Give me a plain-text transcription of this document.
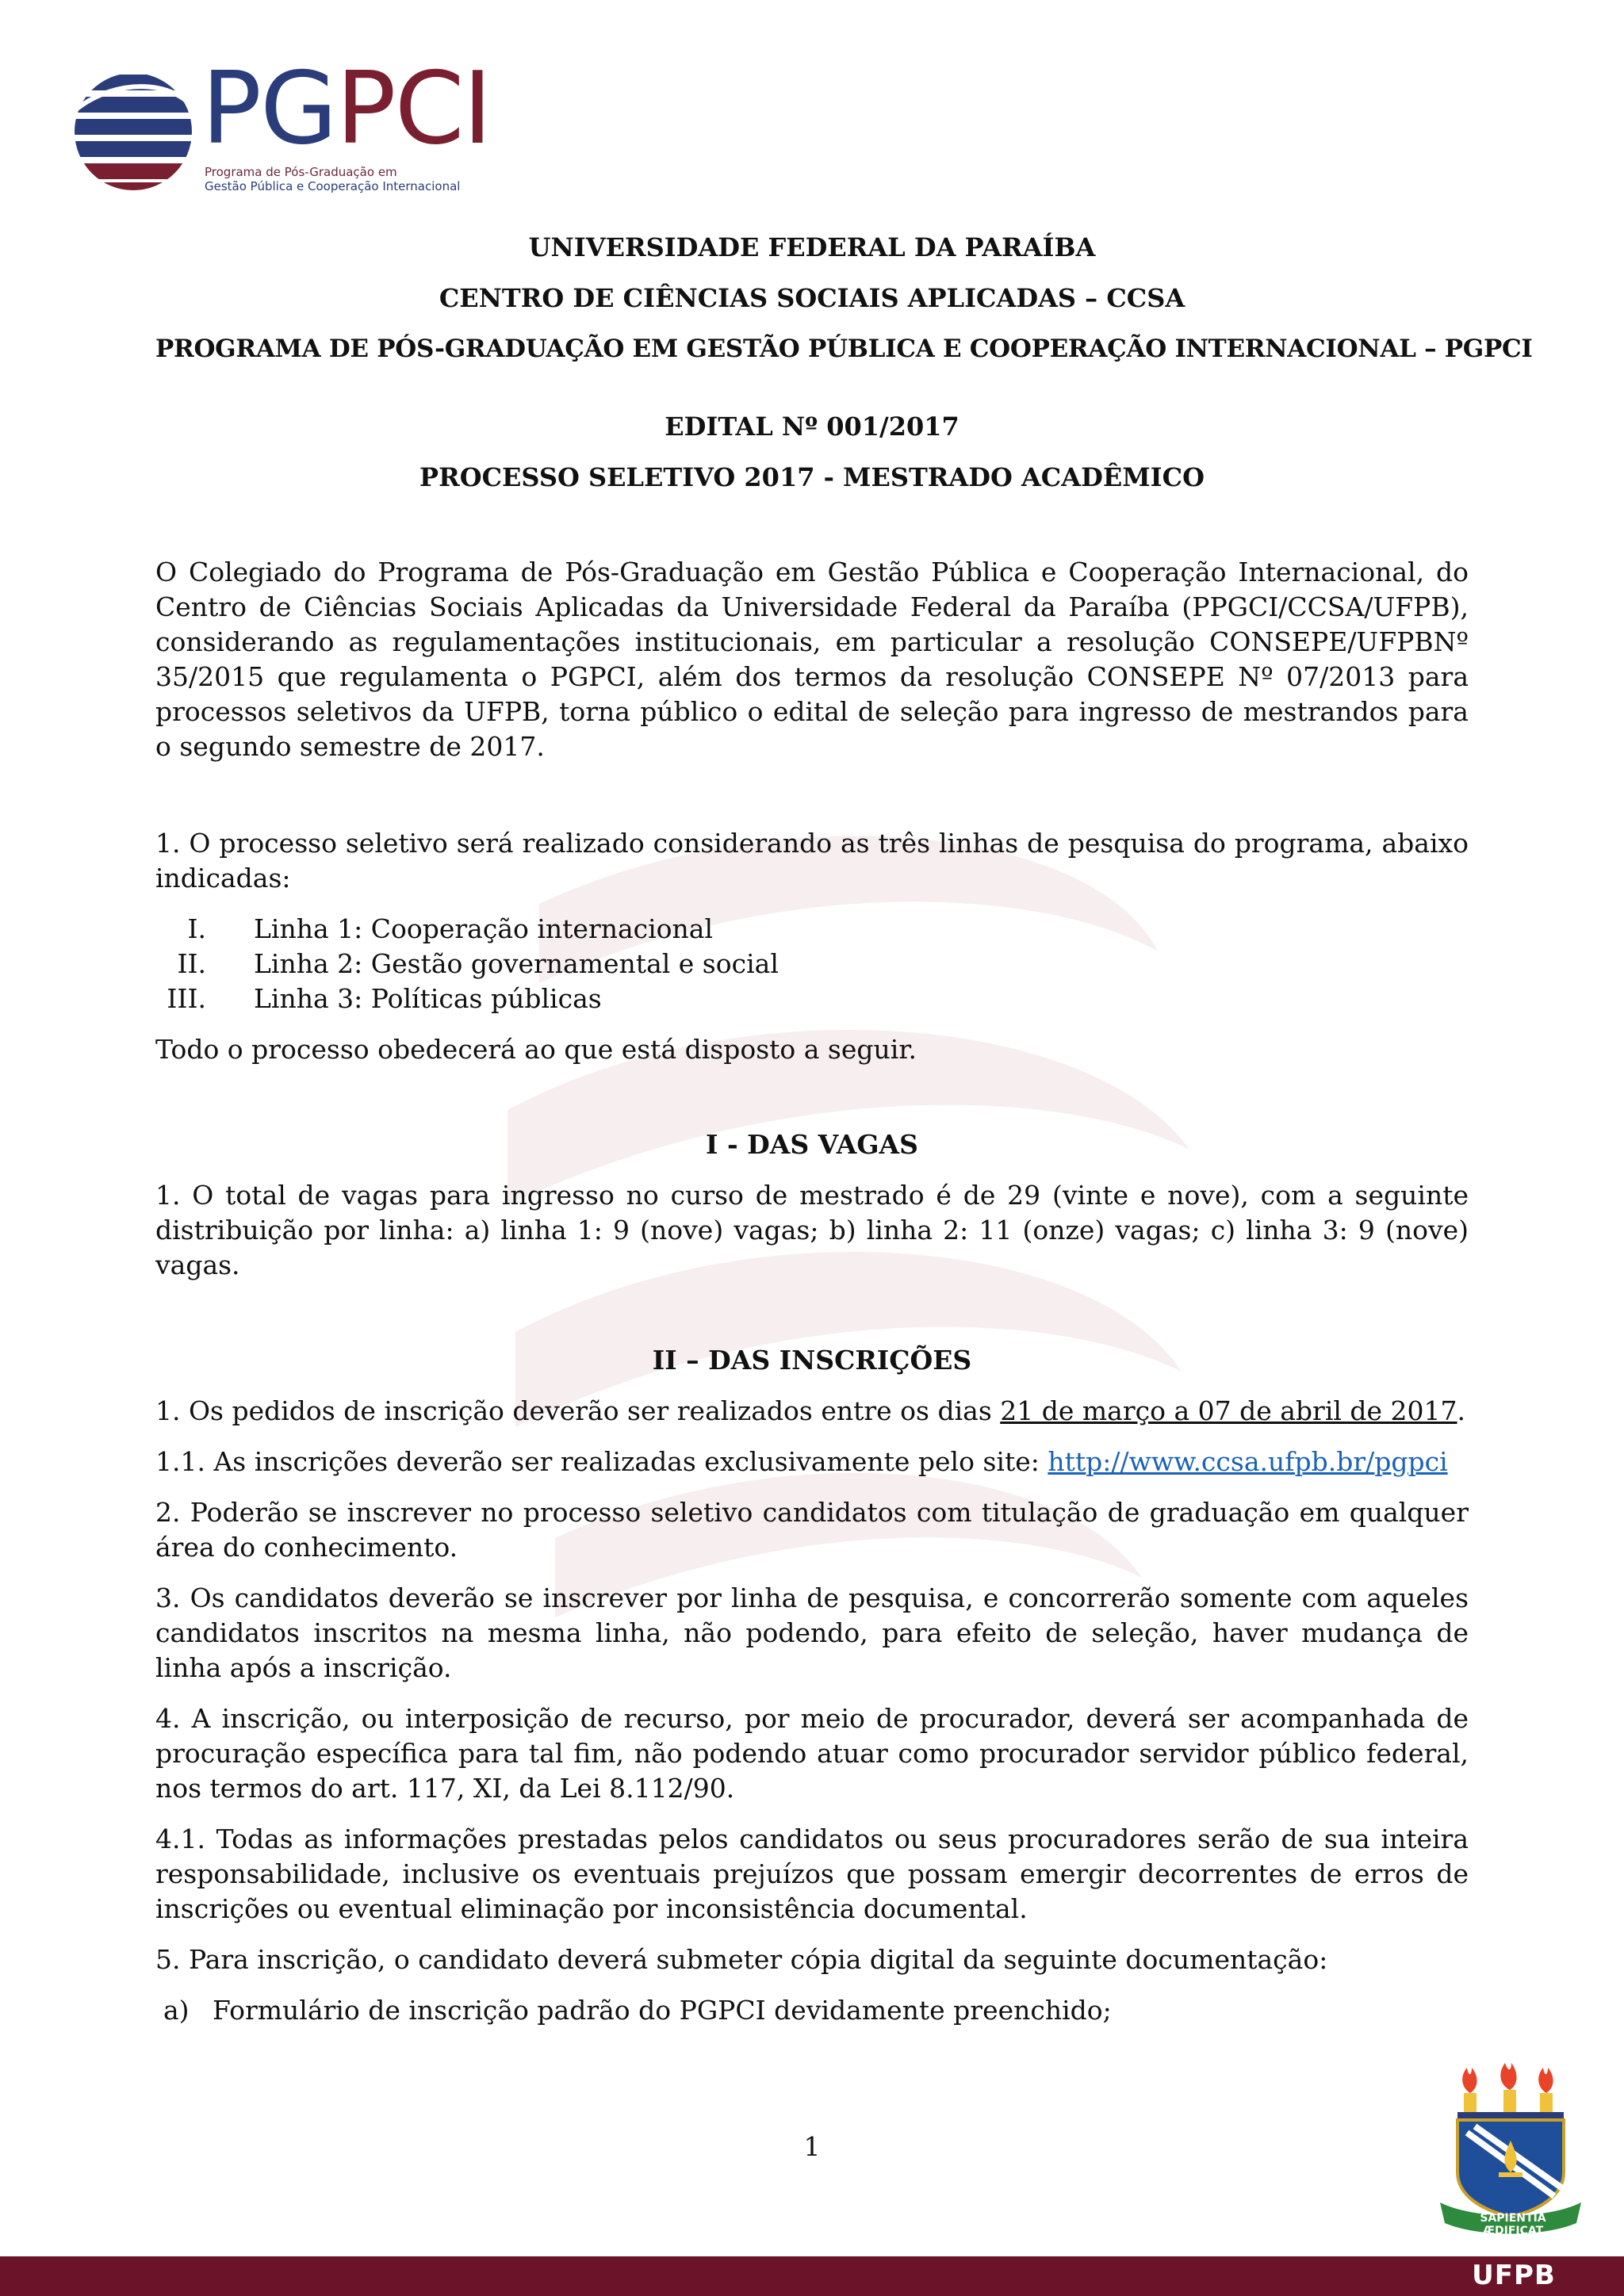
PGPCI
Programa de Pós-Graduação em
Gestão Pública e Cooperação Internacional
UNIVERSIDADE FEDERAL DA PARAÍBA
CENTRO DE CIÊNCIAS SOCIAIS APLICADAS – CCSA
PROGRAMA DE PÓS-GRADUAÇÃO EM GESTÃO PÚBLICA E COOPERAÇÃO INTERNACIONAL – PGPCI
EDITAL Nº 001/2017
PROCESSO SELETIVO 2017 - MESTRADO ACADÊMICO

O Colegiado do Programa de Pós-Graduação em Gestão Pública e Cooperação Internacional, do Centro de Ciências Sociais Aplicadas da Universidade Federal da Paraíba (PPGCI/CCSA/UFPB), considerando as regulamentações institucionais, em particular a resolução CONSEPE/UFPBNº 35/2015 que regulamenta o PGPCI, além dos termos da resolução CONSEPE Nº 07/2013 para processos seletivos da UFPB, torna público o edital de seleção para ingresso de mestrandos para o segundo semestre de 2017.

1. O processo seletivo será realizado considerando as três linhas de pesquisa do programa, abaixo indicadas:

I. Linha 1: Cooperação internacional
II. Linha 2: Gestão governamental e social
III. Linha 3: Políticas públicas

Todo o processo obedecerá ao que está disposto a seguir.

I - DAS VAGAS

1. O total de vagas para ingresso no curso de mestrado é de 29 (vinte e nove), com a seguinte distribuição por linha: a) linha 1: 9 (nove) vagas; b) linha 2: 11 (onze) vagas; c) linha 3: 9 (nove) vagas.

II – DAS INSCRIÇÕES

1. Os pedidos de inscrição deverão ser realizados entre os dias 21 de março a 07 de abril de 2017.

1.1. As inscrições deverão ser realizadas exclusivamente pelo site: http://www.ccsa.ufpb.br/pgpci

2. Poderão se inscrever no processo seletivo candidatos com titulação de graduação em qualquer área do conhecimento.

3. Os candidatos deverão se inscrever por linha de pesquisa, e concorrerão somente com aqueles candidatos inscritos na mesma linha, não podendo, para efeito de seleção, haver mudança de linha após a inscrição.

4. A inscrição, ou interposição de recurso, por meio de procurador, deverá ser acompanhada de procuração específica para tal fim, não podendo atuar como procurador servidor público federal, nos termos do art. 117, XI, da Lei 8.112/90.

4.1. Todas as informações prestadas pelos candidatos ou seus procuradores serão de sua inteira responsabilidade, inclusive os eventuais prejuízos que possam emergir decorrentes de erros de inscrições ou eventual eliminação por inconsistência documental.

5. Para inscrição, o candidato deverá submeter cópia digital da seguinte documentação:

a) Formulário de inscrição padrão do PGPCI devidamente preenchido;
1
SAPIENTIA ÆDIFICAT
UFPB
